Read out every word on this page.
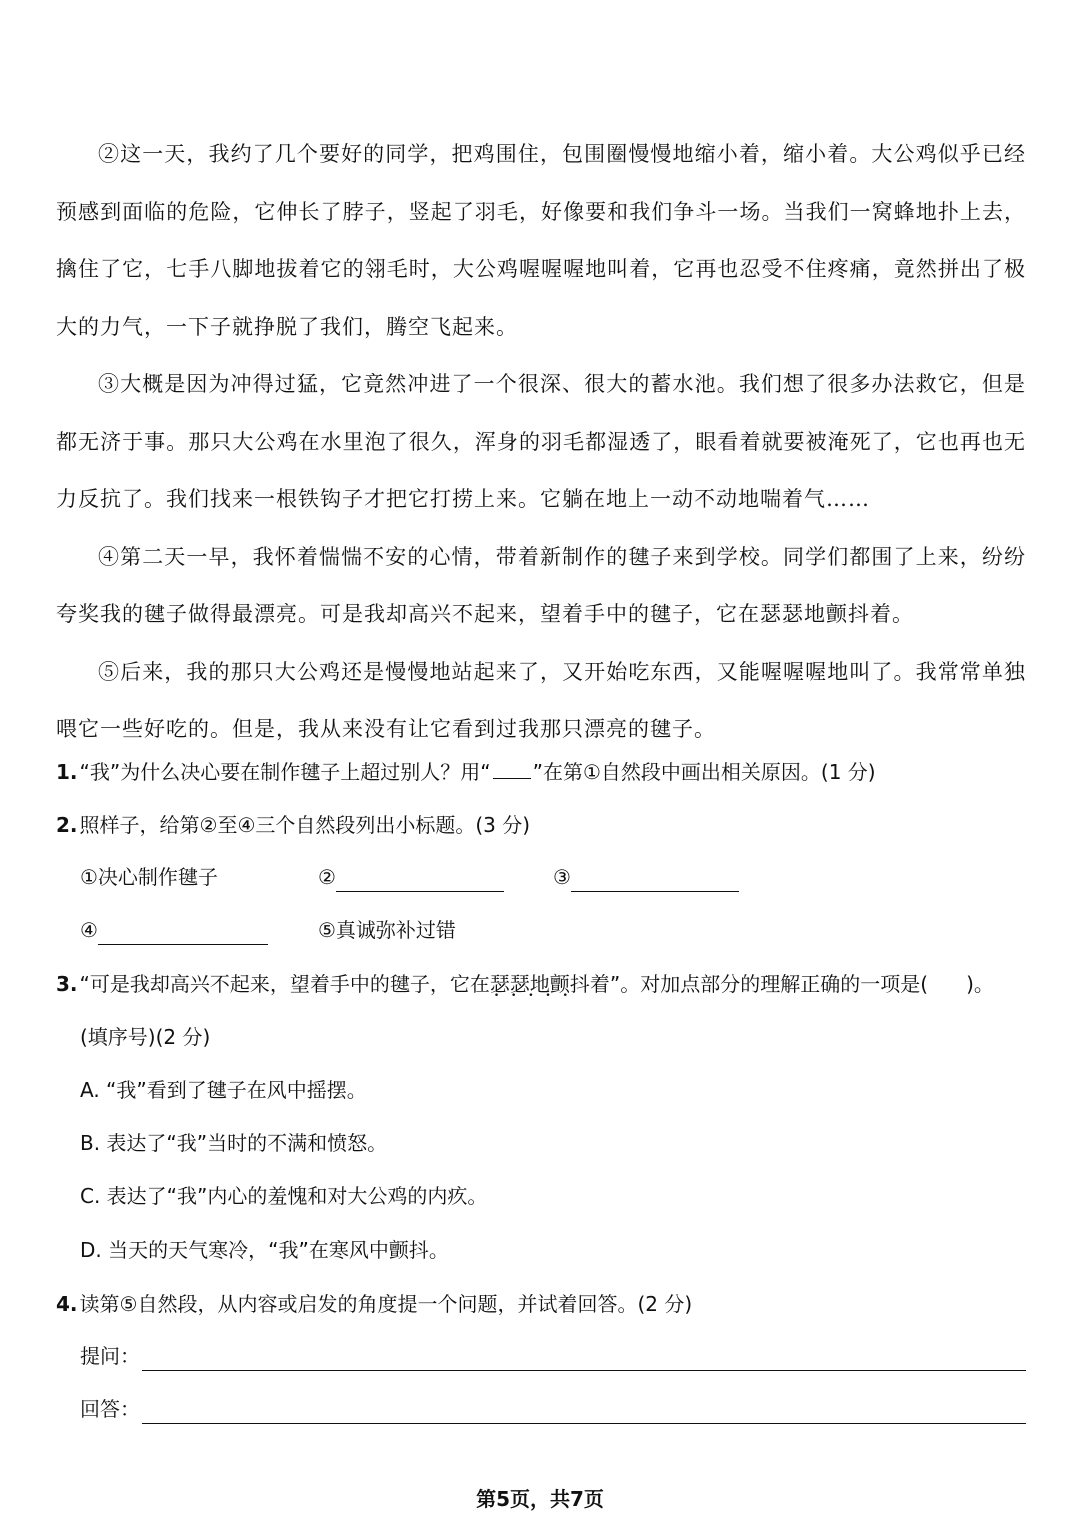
②这一天，我约了几个要好的同学，把鸡围住，包围圈慢慢地缩小着，缩小着。大公鸡似乎已经预感到面临的危险，它伸长了脖子，竖起了羽毛，好像要和我们争斗一场。当我们一窝蜂地扑上去，擒住了它，七手八脚地拔着它的翎毛时，大公鸡喔喔喔地叫着，它再也忍受不住疼痛，竟然拼出了极大的力气，一下子就挣脱了我们，腾空飞起来。

③大概是因为冲得过猛，它竟然冲进了一个很深、很大的蓄水池。我们想了很多办法救它，但是都无济于事。那只大公鸡在水里泡了很久，浑身的羽毛都湿透了，眼看着就要被淹死了，它也再也无力反抗了。我们找来一根铁钩子才把它打捞上来。它躺在地上一动不动地喘着气……

④第二天一早，我怀着惴惴不安的心情，带着新制作的毽子来到学校。同学们都围了上来，纷纷夸奖我的毽子做得最漂亮。可是我却高兴不起来，望着手中的毽子，它在瑟瑟地颤抖着。

⑤后来，我的那只大公鸡还是慢慢地站起来了，又开始吃东西，又能喔喔喔地叫了。我常常单独喂它一些好吃的。但是，我从来没有让它看到过我那只漂亮的毽子。

1. “我”为什么决心要在制作毽子上超过别人？用“ ”在第①自然段中画出相关原因。(1 分)
2. 照样子，给第②至④三个自然段列出小标题。(3 分)
①决心制作毽子	②	③
④	⑤真诚弥补过错
3. “可是我却高兴不起来，望着手中的毽子，它在瑟瑟地颤抖 • • •着”。对加点部分的理解正确的一项是( )。
(填序号)(2 分)
A. “我”看到了毽子在风中摇摆。
B. 表达了“我”当时的不满和愤怒。
C. 表达了“我”内心的羞愧和对大公鸡的内疚。
D. 当天的天气寒冷，“我”在寒风中颤抖。
4. 读第⑤自然段，从内容或启发的角度提一个问题，并试着回答。(2 分)
提问：
回答：
第5页，共7页
